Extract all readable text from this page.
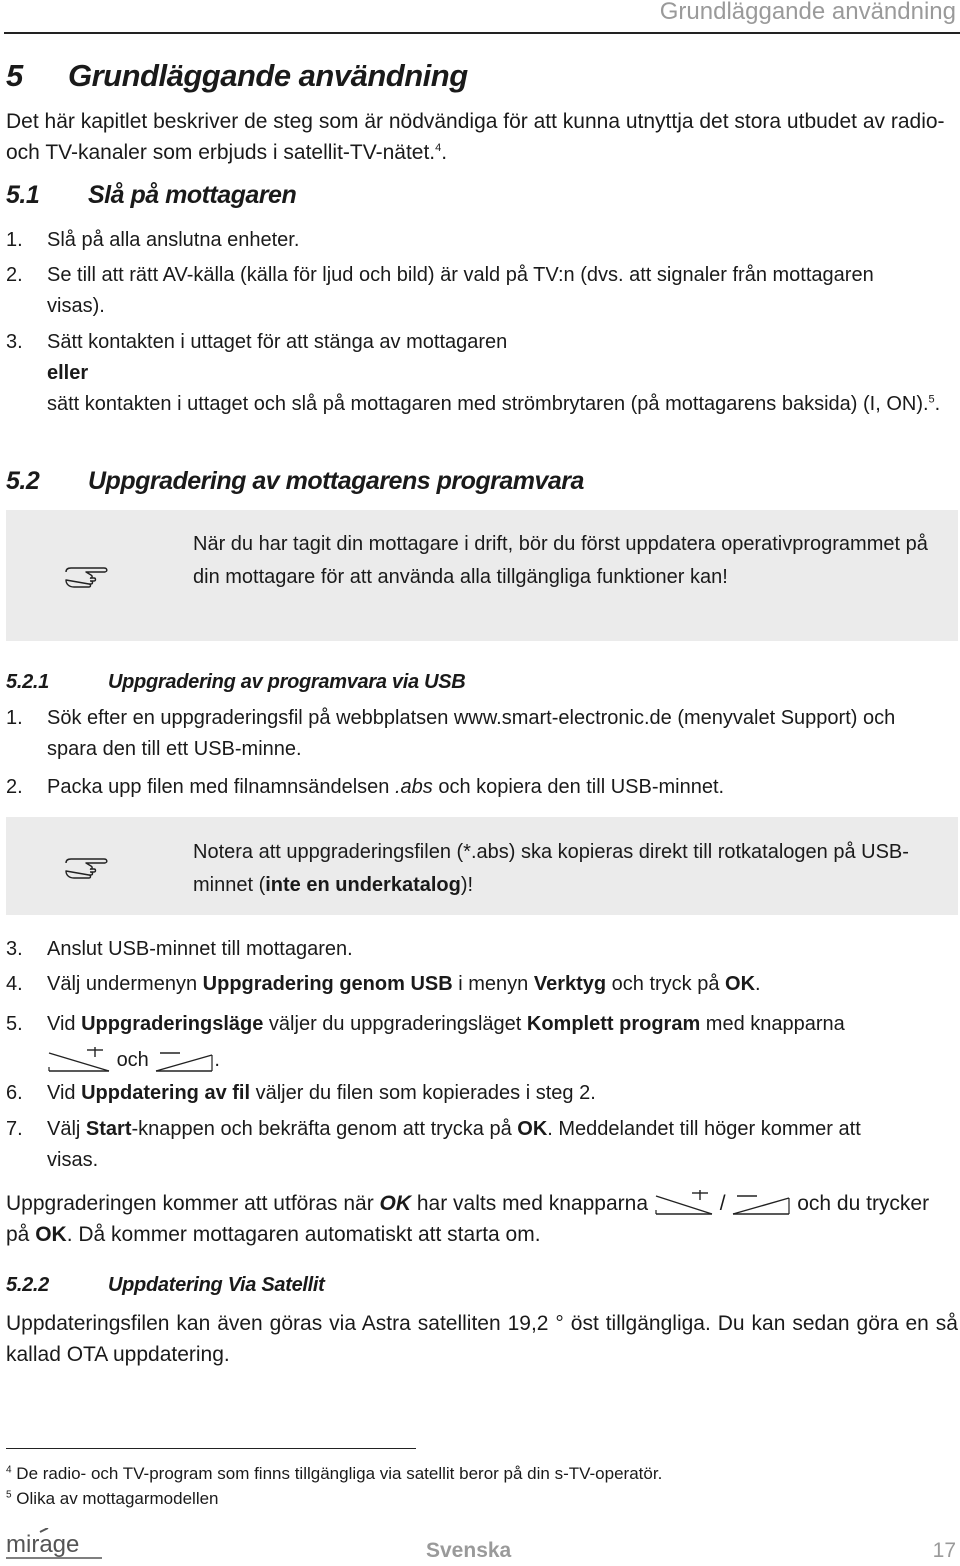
Grundläggande användning
5 Grundläggande användning
Det här kapitlet beskriver de steg som är nödvändiga för att kunna utnyttja det stora utbudet av radio- och TV-kanaler som erbjuds i satellit-TV-nätet.$^4$.
5.1 Slå på mottagaren
1. Slå på alla anslutna enheter.
2. Se till att rätt AV-källa (källa för ljud och bild) är vald på TV:n (dvs. att signaler från mottagaren visas).
3. Sätt kontakten i uttaget för att stänga av mottagaren
eller
sätt kontakten i uttaget och slå på mottagaren med strömbrytaren (på mottagarens baksida) (I, ON).$^5$.
5.2 Uppgradering av mottagarens programvara
När du har tagit din mottagare i drift, bör du först uppdatera operativprogrammet på din mottagare för att använda alla tillgängliga funktioner kan!
5.2.1	Uppgradering av programvara via USB
1. Sök efter en uppgraderingsfil på webbplatsen www.smart-electronic.de (menyvalet Support) och spara den till ett USB-minne.
2. Packa upp filen med filnamnsändelsen .abs och kopiera den till USB-minnet.
Notera att uppgraderingsfilen (*.abs) ska kopieras direkt till rotkatalogen på USB-minnet (inte en underkatalog)!
3. Anslut USB-minnet till mottagaren.
4. Välj undermenyn Uppgradering genom USB i menyn Verktyg och tryck på OK.
5. Vid Uppgraderingsläge väljer du uppgraderingsläget Komplett program med knapparna  och	.
6. Vid Uppdatering av fil väljer du filen som kopierades i steg 2.
7. Välj Start-knappen och bekräfta genom att trycka på OK. Meddelandet till höger kommer att visas.
Uppgraderingen kommer att utföras när OK har valts med knapparna	/	och du trycker på OK. Då kommer mottagaren automatiskt att starta om.
5.2.2	Uppdatering Via Satellit
Uppdateringsfilen kan även göras via Astra satelliten 19,2 ° öst tillgängliga. Du kan sedan göra en så kallad OTA uppdatering.
$^4$ De radio- och TV-program som finns tillgängliga via satellit beror på din s-TV-operatör.
$^5$ Olika av mottagarmodellen
mirage	Svenska	17
